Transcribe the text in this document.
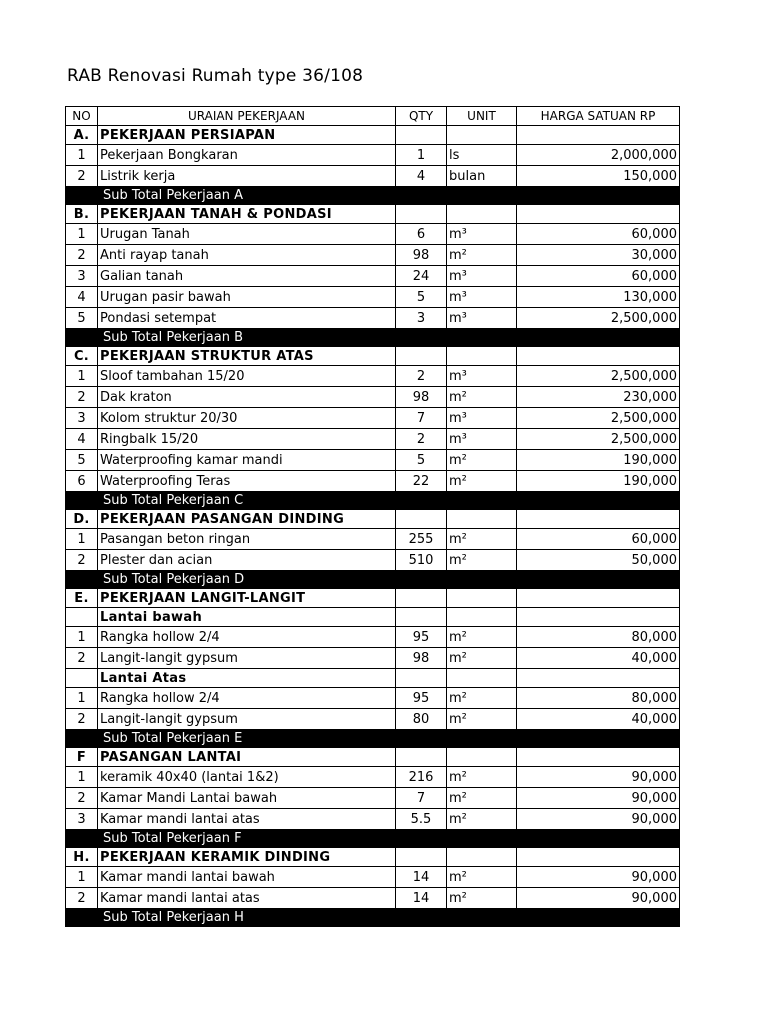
RAB Renovasi Rumah type 36/108
NO	URAIAN PEKERJAAN	QTY	UNIT	HARGA SATUAN RP
A.	PEKERJAAN PERSIAPAN			
1	Pekerjaan Bongkaran	1	ls	2,000,000
2	Listrik kerja	4	bulan	150,000
	Sub Total Pekerjaan A			
B.	PEKERJAAN TANAH & PONDASI			
1	Urugan Tanah	6	m³	60,000
2	Anti rayap tanah	98	m²	30,000
3	Galian tanah	24	m³	60,000
4	Urugan pasir bawah	5	m³	130,000
5	Pondasi setempat	3	m³	2,500,000
	Sub Total Pekerjaan B			
C.	PEKERJAAN STRUKTUR ATAS			
1	Sloof tambahan 15/20	2	m³	2,500,000
2	Dak kraton	98	m²	230,000
3	Kolom struktur 20/30	7	m³	2,500,000
4	Ringbalk 15/20	2	m³	2,500,000
5	Waterproofing kamar mandi	5	m²	190,000
6	Waterproofing Teras	22	m²	190,000
	Sub Total Pekerjaan C			
D.	PEKERJAAN PASANGAN DINDING			
1	Pasangan beton ringan	255	m²	60,000
2	Plester dan acian	510	m²	50,000
	Sub Total Pekerjaan D			
E.	PEKERJAAN LANGIT-LANGIT			
	Lantai bawah			
1	Rangka hollow 2/4	95	m²	80,000
2	Langit-langit gypsum	98	m²	40,000
	Lantai Atas			
1	Rangka hollow 2/4	95	m²	80,000
2	Langit-langit gypsum	80	m²	40,000
	Sub Total Pekerjaan E			
F	PASANGAN LANTAI			
1	keramik 40x40 (lantai 1&2)	216	m²	90,000
2	Kamar Mandi Lantai bawah	7	m²	90,000
3	Kamar mandi lantai atas	5.5	m²	90,000
	Sub Total Pekerjaan F			
H.	PEKERJAAN KERAMIK DINDING			
1	Kamar mandi lantai bawah	14	m²	90,000
2	Kamar mandi lantai atas	14	m²	90,000
	Sub Total Pekerjaan H			
